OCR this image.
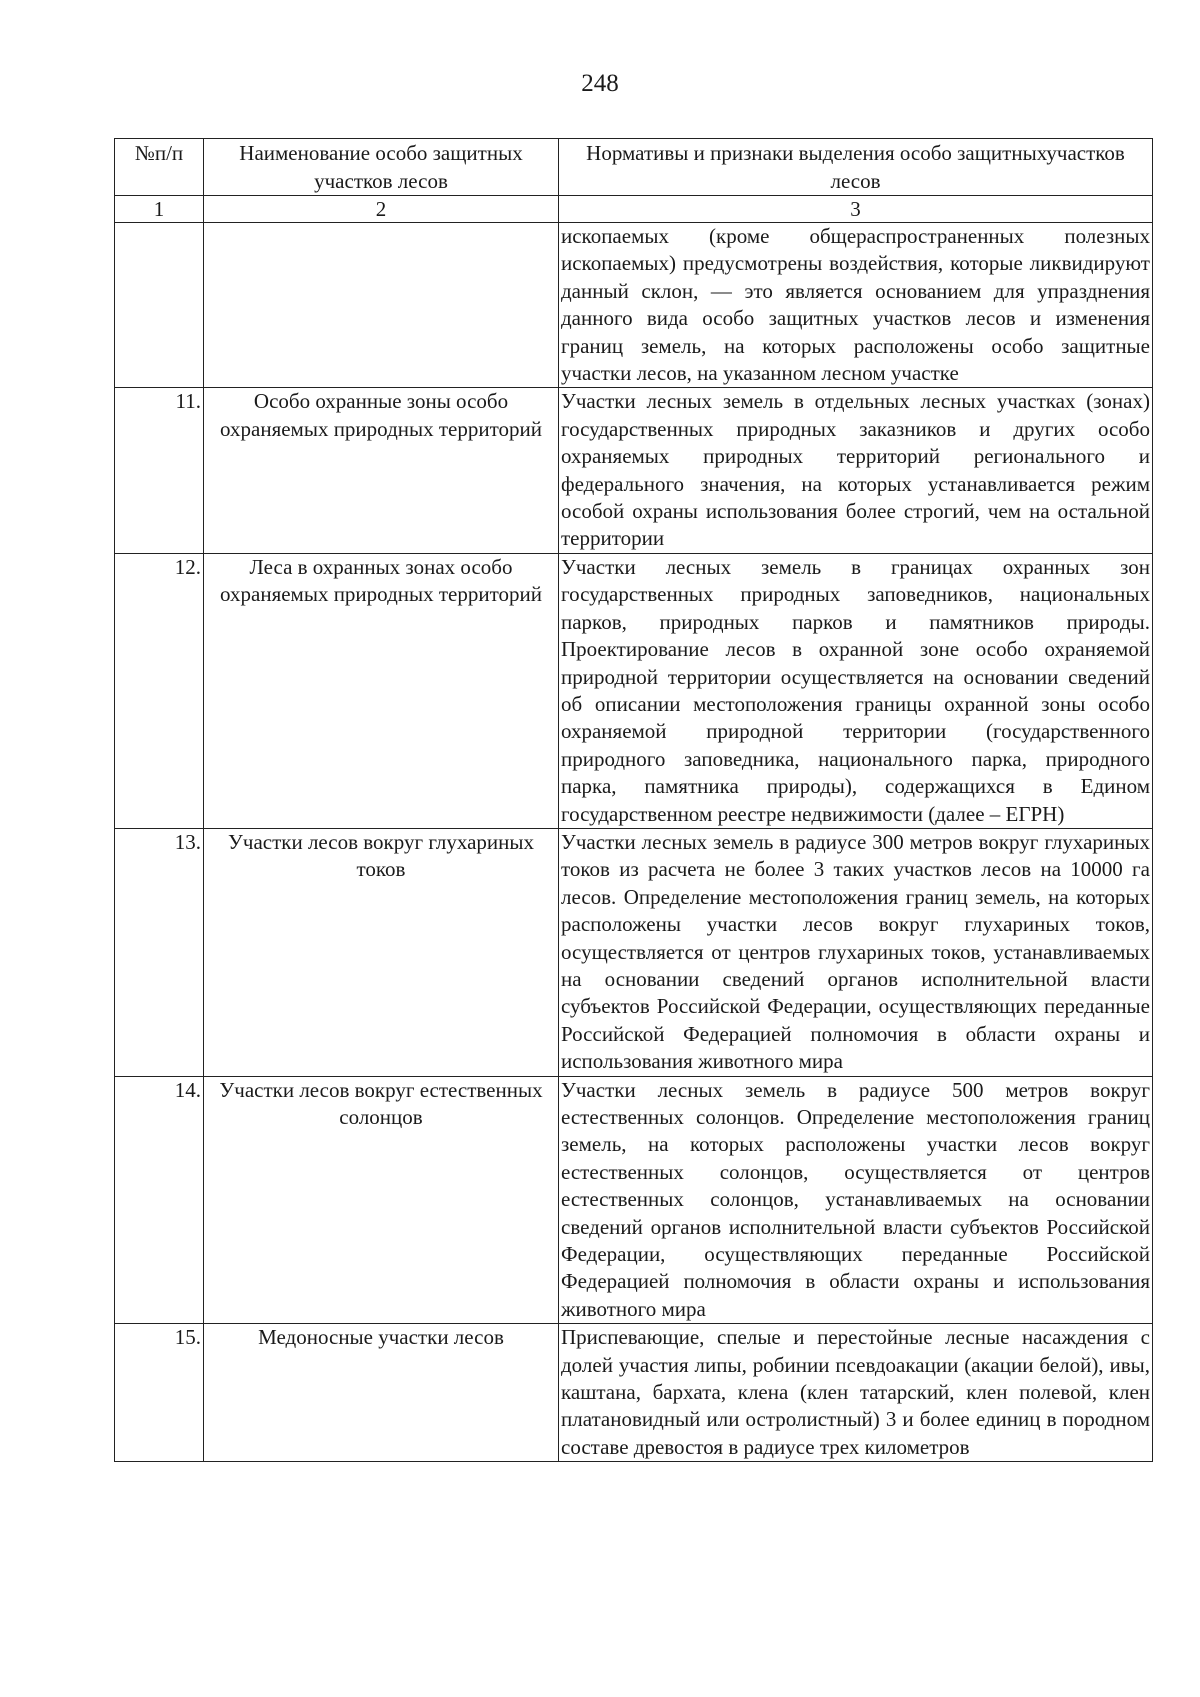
248
№п/п	Наименование особо защитных участков лесов	Нормативы и признаки выделения особо защитныхучастков лесов
1	2	3
		ископаемых (кроме общераспространенных полезных ископаемых) предусмотрены воздействия, которые ликвидируют данный склон, — это является основанием для упразднения данного вида особо защитных участков лесов и изменения границ земель, на которых расположены особо защитные участки лесов, на указанном лесном участке
11.	Особо охранные зоны особо охраняемых природных территорий	Участки лесных земель в отдельных лесных участках (зонах) государственных природных заказников и других особо охраняемых природных территорий регионального и федерального значения, на которых устанавливается режим особой охраны использования более строгий, чем на остальной территории
12.	Леса в охранных зонах особо охраняемых природных территорий	Участки лесных земель в границах охранных зон государственных природных заповедников, национальных парков, природных парков и памятников природы. Проектирование лесов в охранной зоне особо охраняемой природной территории осуществляется на основании сведений об описании местоположения границы охранной зоны особо охраняемой природной территории (государственного природного заповедника, национального парка, природного парка, памятника природы), содержащихся в Едином государственном реестре недвижимости (далее – ЕГРН)
13.	Участки лесов вокруг глухариных токов	Участки лесных земель в радиусе 300 метров вокруг глухариных токов из расчета не более 3 таких участков лесов на 10000 га лесов. Определение местоположения границ земель, на которых расположены участки лесов вокруг глухариных токов, осуществляется от центров глухариных токов, устанавливаемых на основании сведений органов исполнительной власти субъектов Российской Федерации, осуществляющих переданные Российской Федерацией полномочия в области охраны и использования животного мира
14.	Участки лесов вокруг естественных солонцов	Участки лесных земель в радиусе 500 метров вокруг естественных солонцов. Определение местоположения границ земель, на которых расположены участки лесов вокруг естественных солонцов, осуществляется от центров естественных солонцов, устанавливаемых на основании сведений органов исполнительной власти субъектов Российской Федерации, осуществляющих переданные Российской Федерацией полномочия в области охраны и использования животного мира
15.	Медоносные участки лесов	Приспевающие, спелые и перестойные лесные насаждения с долей участия липы, робинии псевдоакации (акации белой), ивы, каштана, бархата, клена (клен татарский, клен полевой, клен платановидный или остролистный) 3 и более единиц в породном составе древостоя в радиусе трех километров
